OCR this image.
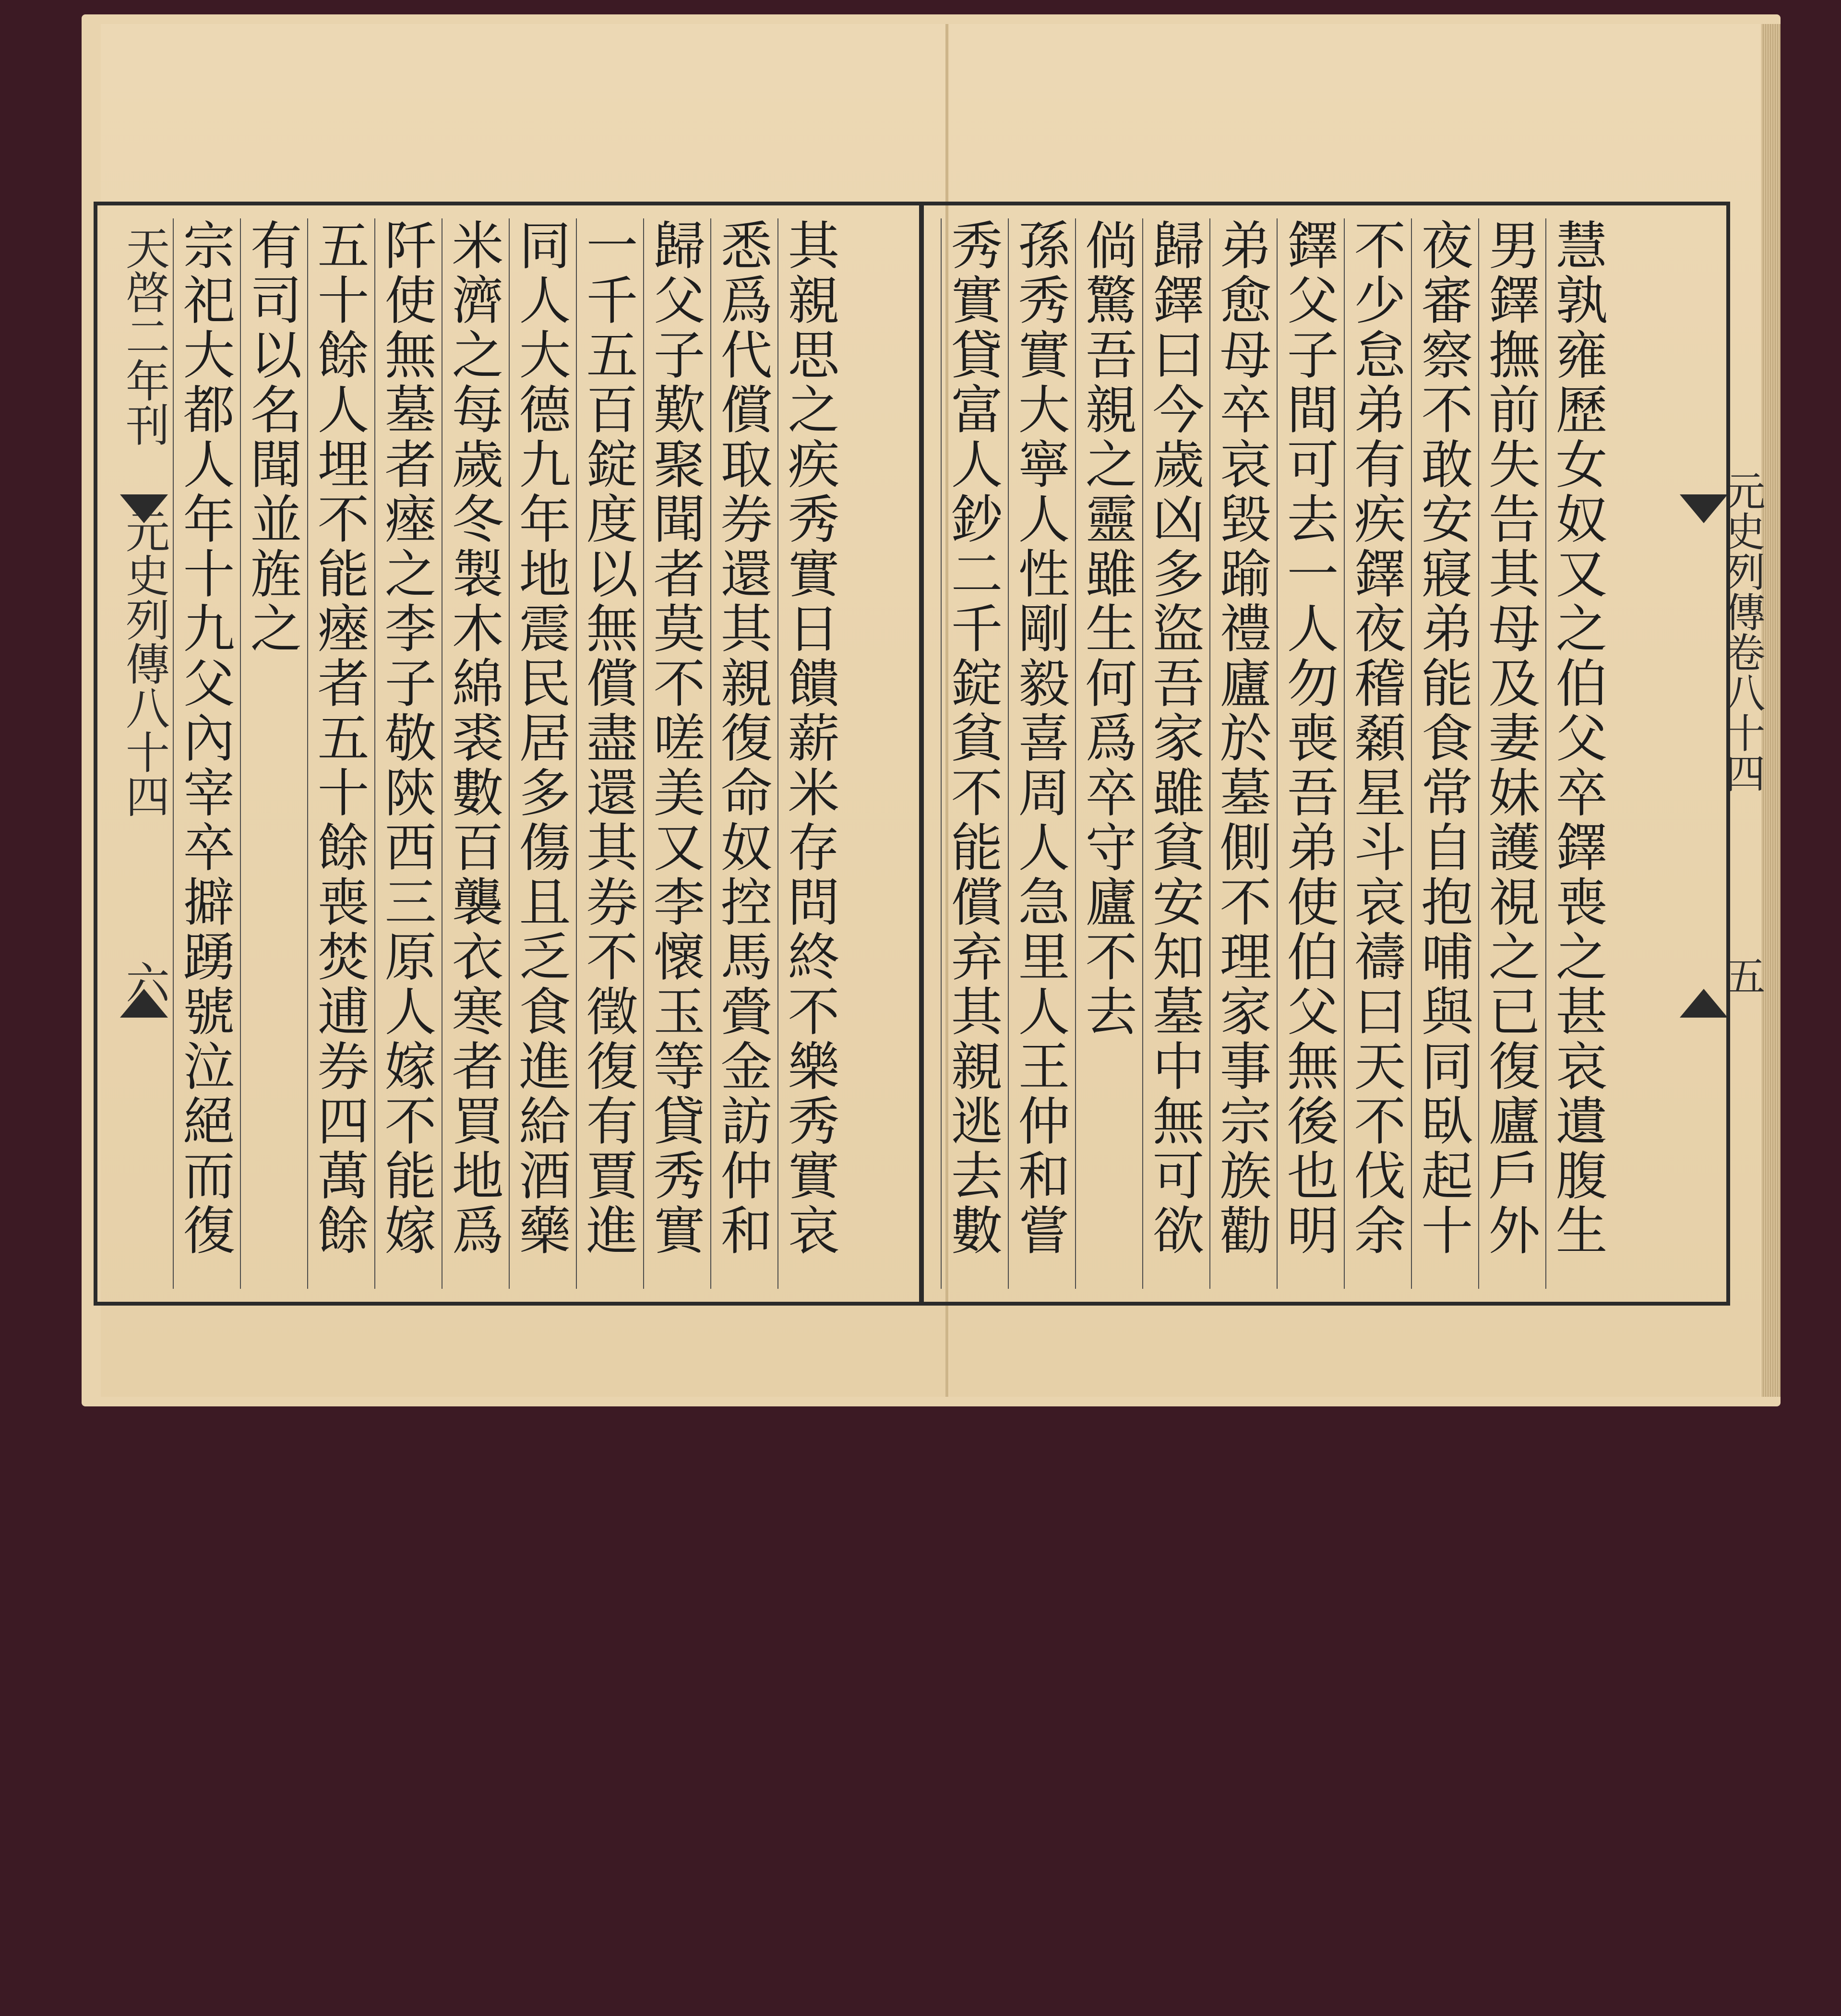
天啓二年刊
元史列傳八十四
六
宗祀大都人年十九父內宰卒擗踴號泣絕而復
有司以名聞並旌之 五十餘人埋不能瘞者五十餘喪焚逋券四萬餘
阡使無墓者瘞之李子敬陝西三原人嫁不能嫁
米濟之每歲冬製木綿裘數百襲衣寒者買地爲
同人大德九年地震民居多傷且乏食進給酒藥
一千五百錠度以無償盡還其券不徵復有賈進
歸父子歎聚聞者莫不嗟美又李懷玉等貸秀實
悉爲代償取券還其親復命奴控馬賫金訪仲和
其親思之疾秀實日饋薪米存問終不樂秀實哀
秀實貸富人鈔二千錠貧不能償弃其親逃去數
孫秀實大寧人性剛毅喜周人急里人王仲和嘗
倘驚吾親之靈雖生何爲卒守廬不去 歸鐸曰今歲凶多盜吾家雖貧安知墓中無可欲
弟愈母卒哀毀踰禮廬於墓側不理家事宗族勸
鐸父子間可去一人勿喪吾弟使伯父無後也明
不少怠弟有疾鐸夜稽顙星斗哀禱曰天不伐余
夜審察不敢安寢弟能食常自抱哺與同臥起十
男鐸撫前失告其母及妻妹護視之已復廬戶外
慧孰雍歷女奴又之伯父卒鐸喪之甚哀遺腹生
元史列傳卷八十四
五
